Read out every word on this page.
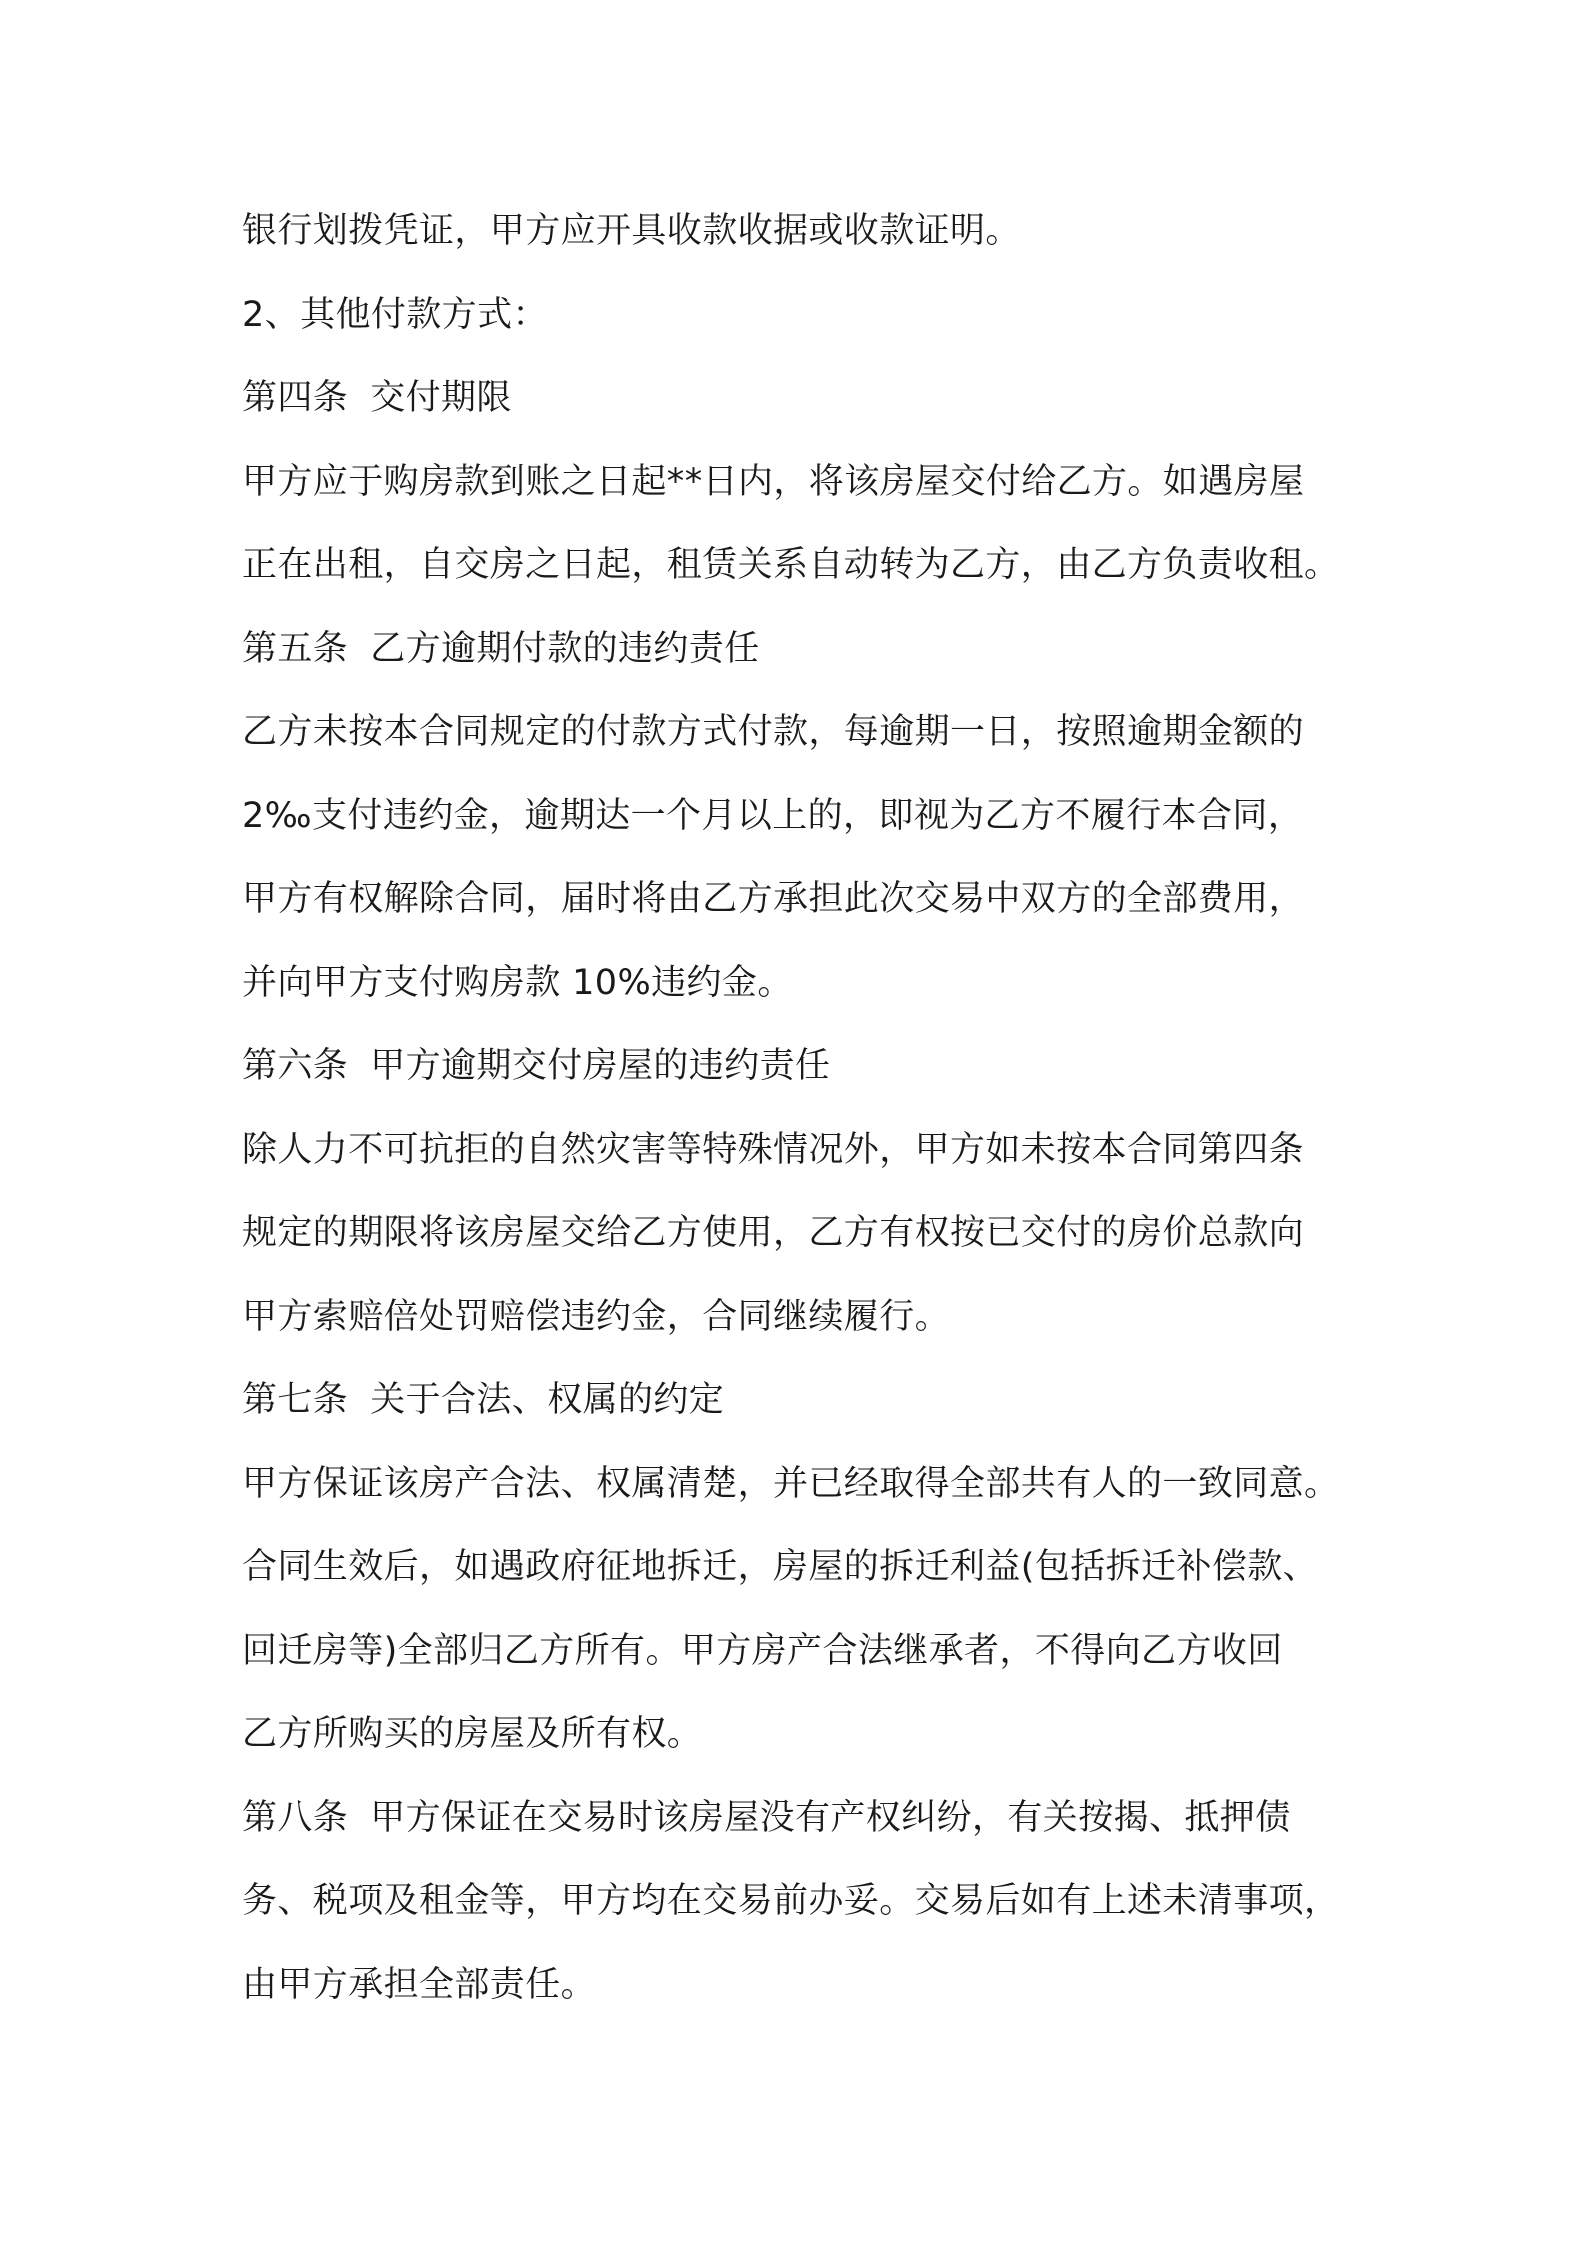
银行划拨凭证，甲方应开具收款收据或收款证明。
2、其他付款方式：
第四条 交付期限
甲方应于购房款到账之日起**日内，将该房屋交付给乙方。如遇房屋
正在出租，自交房之日起，租赁关系自动转为乙方，由乙方负责收租。
第五条 乙方逾期付款的违约责任
乙方未按本合同规定的付款方式付款，每逾期一日，按照逾期金额的
2‰支付违约金，逾期达一个月以上的，即视为乙方不履行本合同，
甲方有权解除合同，届时将由乙方承担此次交易中双方的全部费用，
并向甲方支付购房款 10%违约金。
第六条 甲方逾期交付房屋的违约责任
除人力不可抗拒的自然灾害等特殊情况外，甲方如未按本合同第四条
规定的期限将该房屋交给乙方使用，乙方有权按已交付的房价总款向
甲方索赔倍处罚赔偿违约金，合同继续履行。
第七条 关于合法、权属的约定
甲方保证该房产合法、权属清楚，并已经取得全部共有人的一致同意。
合同生效后，如遇政府征地拆迁，房屋的拆迁利益(包括拆迁补偿款、
回迁房等)全部归乙方所有。甲方房产合法继承者，不得向乙方收回
乙方所购买的房屋及所有权。
第八条 甲方保证在交易时该房屋没有产权纠纷，有关按揭、抵押债
务、税项及租金等，甲方均在交易前办妥。交易后如有上述未清事项，
由甲方承担全部责任。
